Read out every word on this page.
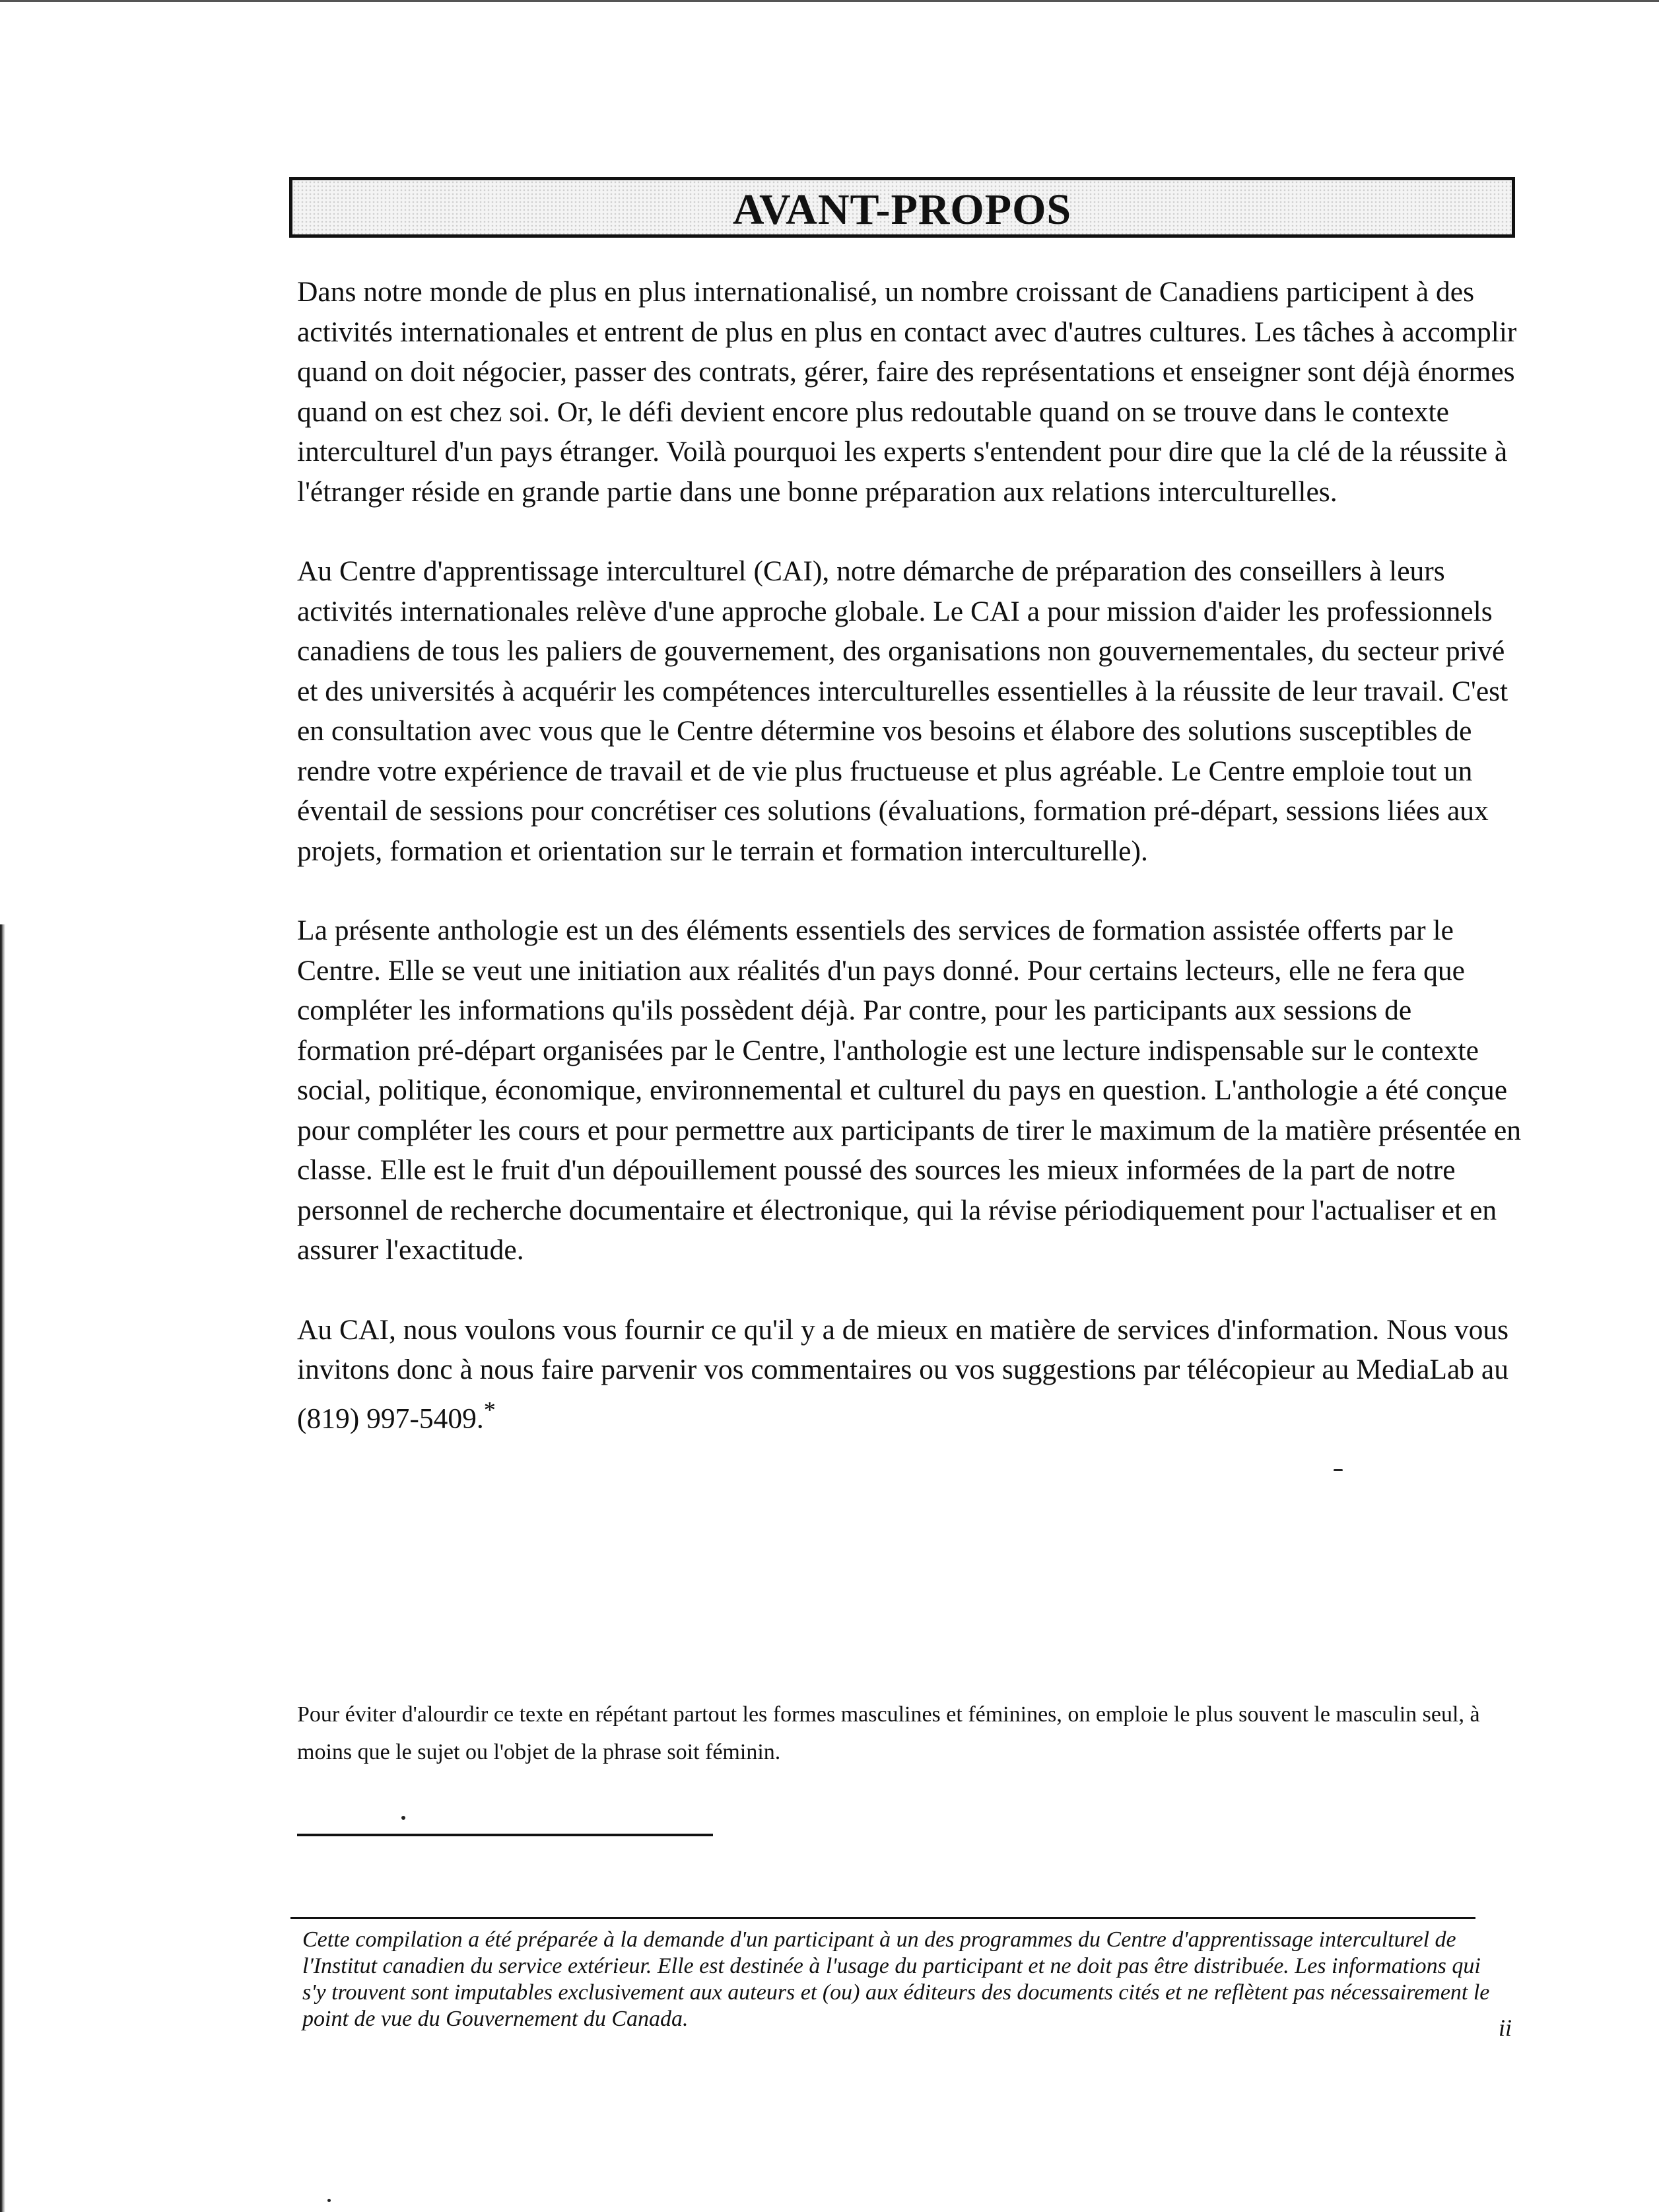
AVANT-PROPOS

Dans notre monde de plus en plus internationalisé, un nombre croissant de Canadiens participent à des activités internationales et entrent de plus en plus en contact avec d'autres cultures. Les tâches à accomplir quand on doit négocier, passer des contrats, gérer, faire des représentations et enseigner sont déjà énormes quand on est chez soi. Or, le défi devient encore plus redoutable quand on se trouve dans le contexte interculturel d'un pays étranger. Voilà pourquoi les experts s'entendent pour dire que la clé de la réussite à l'étranger réside en grande partie dans une bonne préparation aux relations interculturelles.

Au Centre d'apprentissage interculturel (CAI), notre démarche de préparation des conseillers à leurs activités internationales relève d'une approche globale. Le CAI a pour mission d'aider les professionnels canadiens de tous les paliers de gouvernement, des organisations non gouvernementales, du secteur privé et des universités à acquérir les compétences interculturelles essentielles à la réussite de leur travail. C'est en consultation avec vous que le Centre détermine vos besoins et élabore des solutions susceptibles de rendre votre expérience de travail et de vie plus fructueuse et plus agréable. Le Centre emploie tout un éventail de sessions pour concrétiser ces solutions (évaluations, formation pré-départ, sessions liées aux projets, formation et orientation sur le terrain et formation interculturelle).

La présente anthologie est un des éléments essentiels des services de formation assistée offerts par le Centre. Elle se veut une initiation aux réalités d'un pays donné. Pour certains lecteurs, elle ne fera que compléter les informations qu'ils possèdent déjà. Par contre, pour les participants aux sessions de formation pré-départ organisées par le Centre, l'anthologie est une lecture indispensable sur le contexte social, politique, économique, environnemental et culturel du pays en question. L'anthologie a été conçue pour compléter les cours et pour permettre aux participants de tirer le maximum de la matière présentée en classe. Elle est le fruit d'un dépouillement poussé des sources les mieux informées de la part de notre personnel de recherche documentaire et électronique, qui la révise périodiquement pour l'actualiser et en assurer l'exactitude.

Au CAI, nous voulons vous fournir ce qu'il y a de mieux en matière de services d'information. Nous vous invitons donc à nous faire parvenir vos commentaires ou vos suggestions par télécopieur au MediaLab au (819) 997-5409.*

Pour éviter d'alourdir ce texte en répétant partout les formes masculines et féminines, on emploie le plus souvent le masculin seul, à moins que le sujet ou l'objet de la phrase soit féminin.

Cette compilation a été préparée à la demande d'un participant à un des programmes du Centre d'apprentissage interculturel de l'Institut canadien du service extérieur. Elle est destinée à l'usage du participant et ne doit pas être distribuée. Les informations qui s'y trouvent sont imputables exclusivement aux auteurs et (ou) aux éditeurs des documents cités et ne reflètent pas nécessairement le point de vue du Gouvernement du Canada.	ii
